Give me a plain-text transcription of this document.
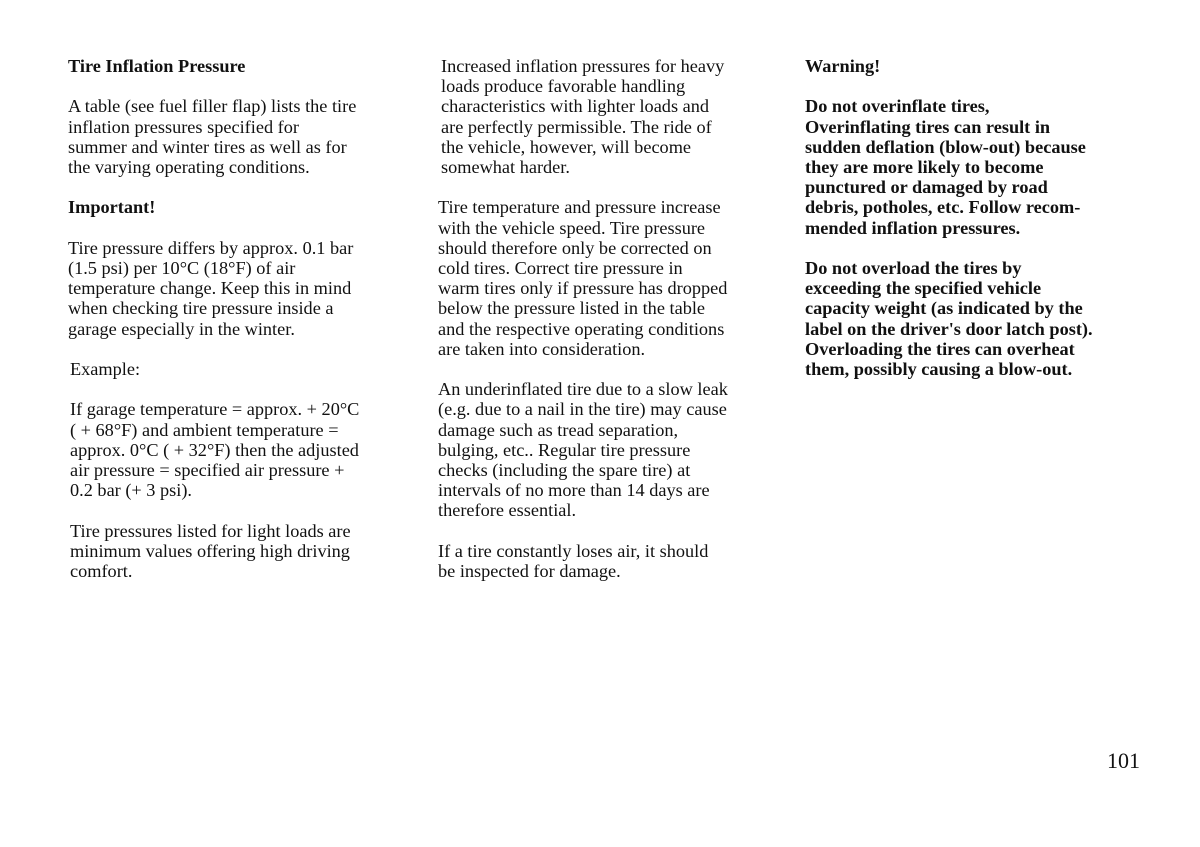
Tire Inflation Pressure

A table (see fuel filler flap) lists the tire
inflation pressures specified for
summer and winter tires as well as for
the varying operating conditions.

Important!

Tire pressure differs by approx. 0.1 bar
(1.5 psi) per 10°C (18°F) of air
temperature change. Keep this in mind
when checking tire pressure inside a
garage especially in the winter.

Example:

If garage temperature = approx. + 20°C
( + 68°F) and ambient temperature =
approx. 0°C ( + 32°F) then the adjusted
air pressure = specified air pressure +
0.2 bar (+ 3 psi).

Tire pressures listed for light loads are
minimum values offering high driving
comfort.

Increased inflation pressures for heavy
loads produce favorable handling
characteristics with lighter loads and
are perfectly permissible. The ride of
the vehicle, however, will become
somewhat harder.

Tire temperature and pressure increase
with the vehicle speed. Tire pressure
should therefore only be corrected on
cold tires. Correct tire pressure in
warm tires only if pressure has dropped
below the pressure listed in the table
and the respective operating conditions
are taken into consideration.

An underinflated tire due to a slow leak
(e.g. due to a nail in the tire) may cause
damage such as tread separation,
bulging, etc.. Regular tire pressure
checks (including the spare tire) at
intervals of no more than 14 days are
therefore essential.

If a tire constantly loses air, it should
be inspected for damage.

Warning!

Do not overinflate tires,
Overinflating tires can result in
sudden deflation (blow-out) because
they are more likely to become
punctured or damaged by road
debris, potholes, etc. Follow recom-
mended inflation pressures.

Do not overload the tires by
exceeding the specified vehicle
capacity weight (as indicated by the
label on the driver's door latch post).
Overloading the tires can overheat
them, possibly causing a blow-out.

101
